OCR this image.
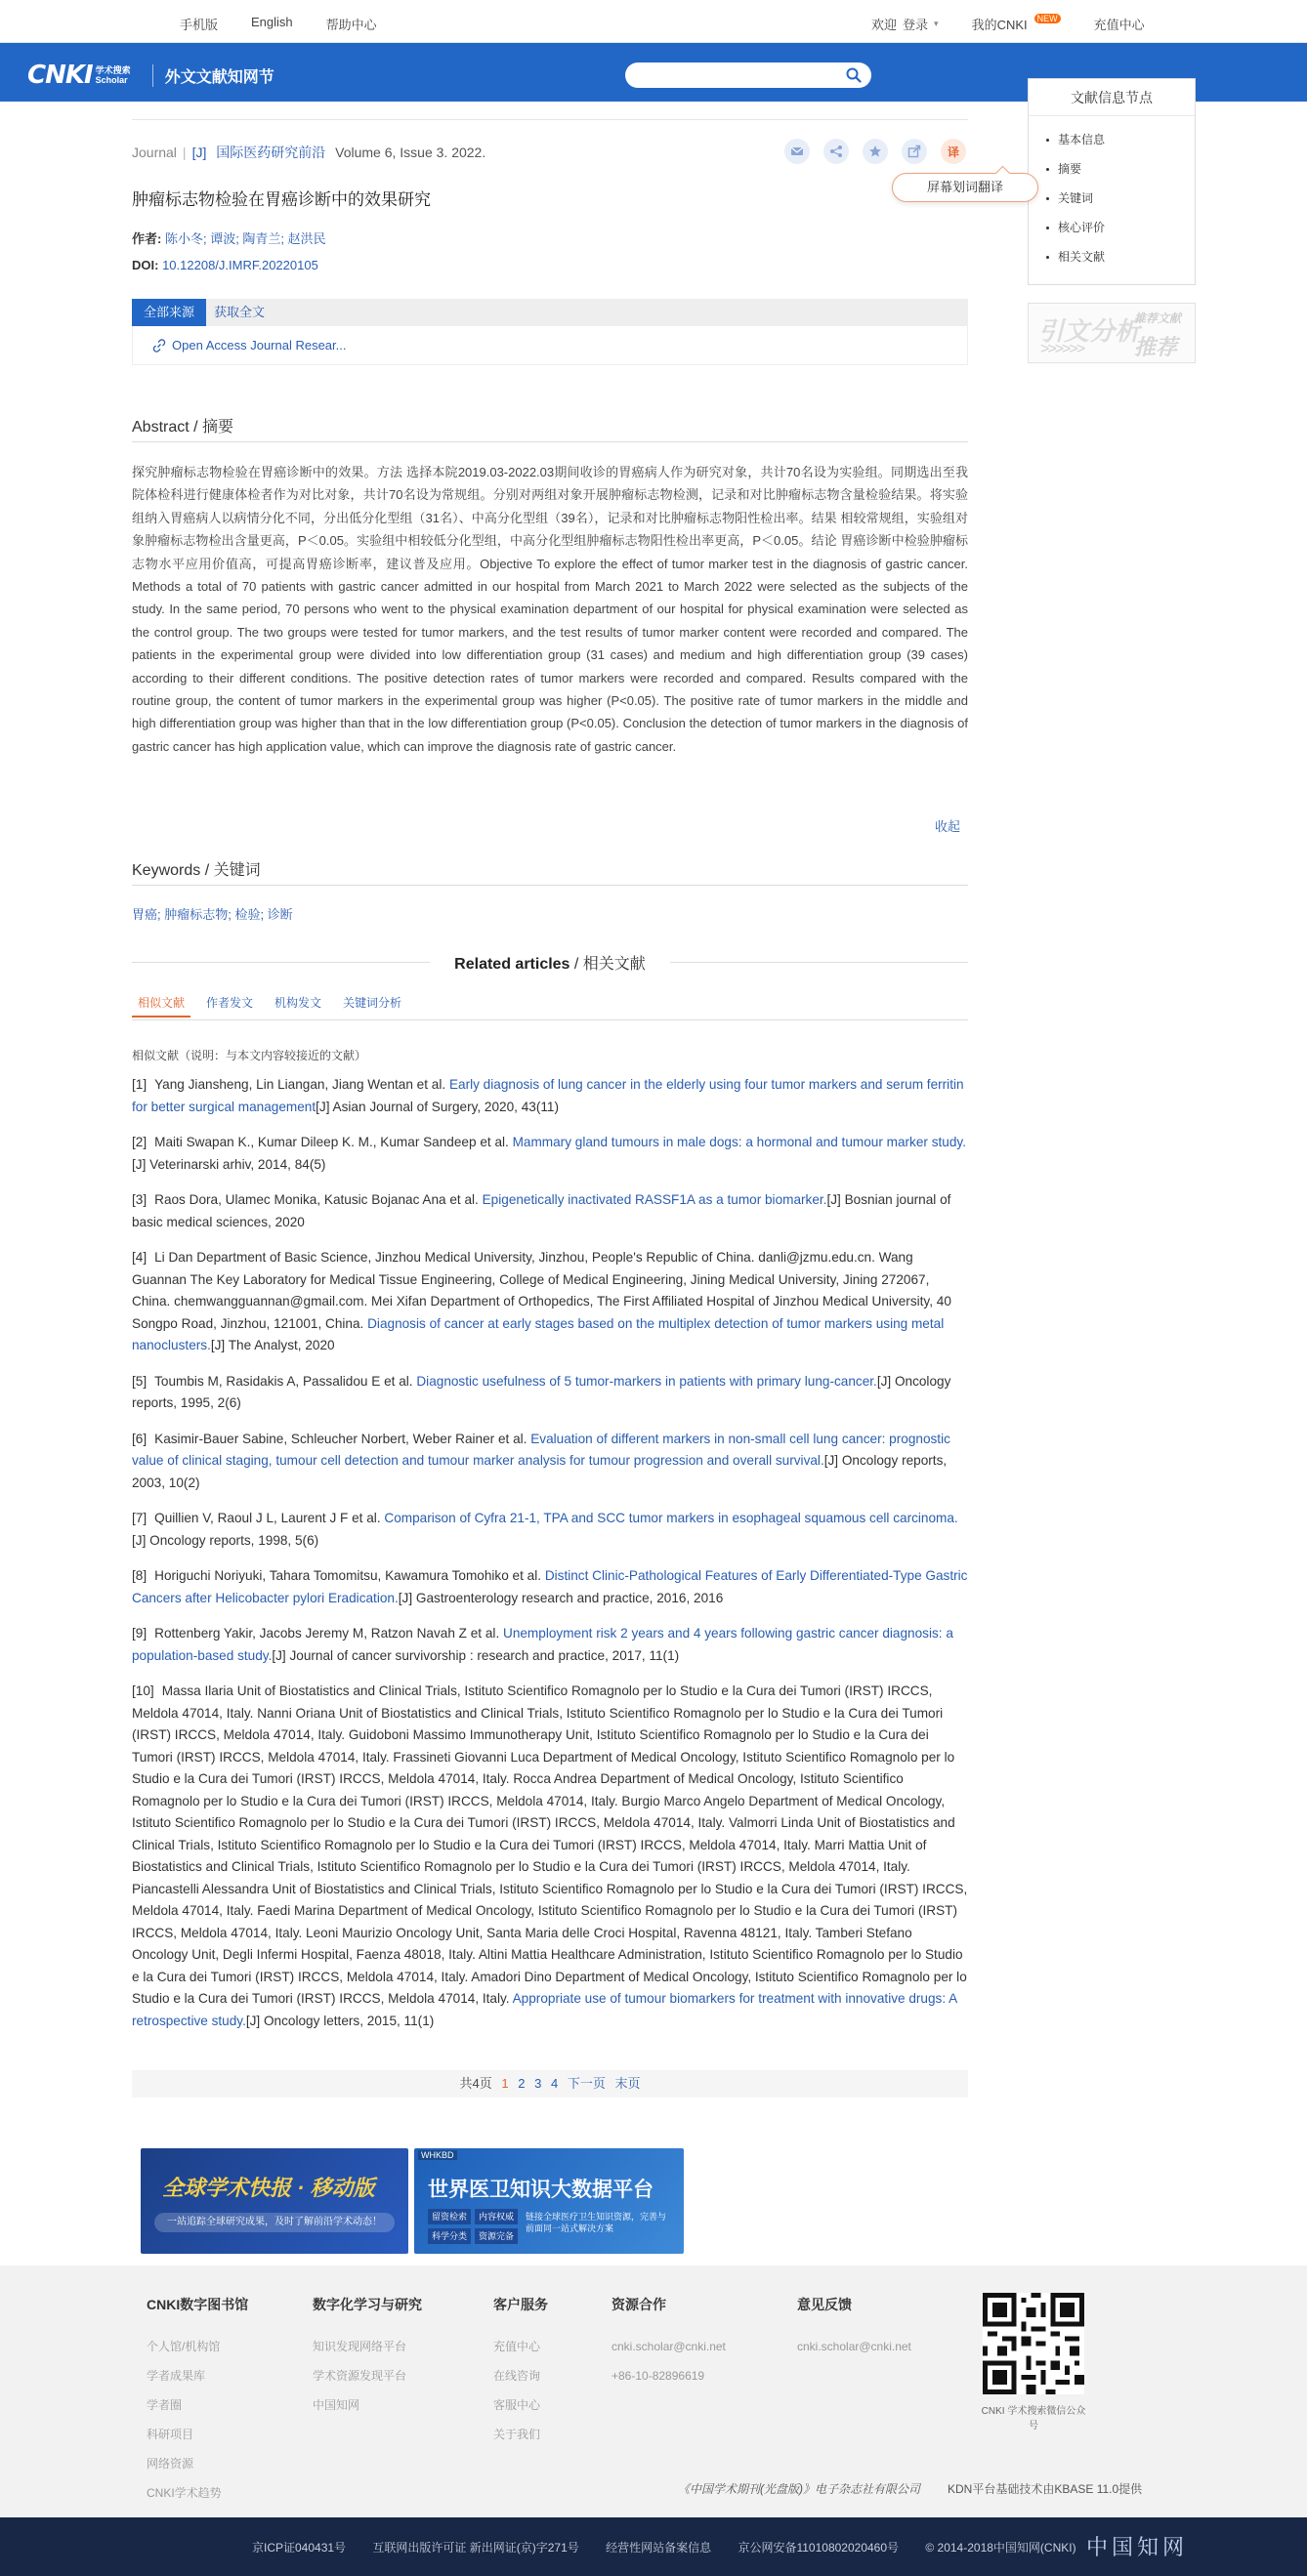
手机版	English	帮助中心	欢迎 登录 ▾	我的CNKI	NEW	充值中心
CNKI 学术搜索
Scholar	外文文献知网节
文献信息节点
基本信息
摘要
关键词
核心评价
相关文献
引文分析
推荐文献
推荐
>>>>>>
Journal | [J] 国际医药研究前沿 Volume 6, Issue 3. 2022.	译
屏幕划词翻译
肿瘤标志物检验在胃癌诊断中的效果研究
作者: 陈小冬; 谭波; 陶青兰; 赵洪民
DOI: 10.12208/J.IMRF.20220105
全部来源	获取全文
Open Access Journal Resear...
Abstract / 摘要
探究肿瘤标志物检验在胃癌诊断中的效果。方法 选择本院2019.03-2022.03期间收诊的胃癌病人作为研究对象，共计70名设为实验组。同期选出至我院体检科进行健康体检者作为对比对象，共计70名设为常规组。分别对两组对象开展肿瘤标志物检测，记录和对比肿瘤标志物含量检验结果。将实验组纳入胃癌病人以病情分化不同，分出低分化型组（31名）、中高分化型组（39名），记录和对比肿瘤标志物阳性检出率。结果 相较常规组，实验组对象肿瘤标志物检出含量更高，P＜0.05。实验组中相较低分化型组，中高分化型组肿瘤标志物阳性检出率更高，P＜0.05。结论 胃癌诊断中检验肿瘤标志物水平应用价值高，可提高胃癌诊断率，建议普及应用。Objective To explore the effect of tumor marker test in the diagnosis of gastric cancer. Methods a total of 70 patients with gastric cancer admitted in our hospital from March 2021 to March 2022 were selected as the subjects of the study. In the same period, 70 persons who went to the physical examination department of our hospital for physical examination were selected as the control group. The two groups were tested for tumor markers, and the test results of tumor marker content were recorded and compared. The patients in the experimental group were divided into low differentiation group (31 cases) and medium and high differentiation group (39 cases) according to their different conditions. The positive detection rates of tumor markers were recorded and compared. Results compared with the routine group, the content of tumor markers in the experimental group was higher (P<0.05). The positive rate of tumor markers in the middle and high differentiation group was higher than that in the low differentiation group (P<0.05). Conclusion the detection of tumor markers in the diagnosis of gastric cancer has high application value, which can improve the diagnosis rate of gastric cancer.
收起
Keywords / 关键词
胃癌; 肿瘤标志物; 检验; 诊断
Related articles / 相关文献
相似文献	作者发文	机构发文	关键词分析
相似文献（说明：与本文内容较接近的文献）
[1] Yang Jiansheng, Lin Liangan, Jiang Wentan et al. Early diagnosis of lung cancer in the elderly using four tumor markers and serum ferritin for better surgical management[J] Asian Journal of Surgery, 2020, 43(11)
[2] Maiti Swapan K., Kumar Dileep K. M., Kumar Sandeep et al. Mammary gland tumours in male dogs: a hormonal and tumour marker study.[J] Veterinarski arhiv, 2014, 84(5)
[3] Raos Dora, Ulamec Monika, Katusic Bojanac Ana et al. Epigenetically inactivated RASSF1A as a tumor biomarker.[J] Bosnian journal of basic medical sciences, 2020
[4] Li Dan Department of Basic Science, Jinzhou Medical University, Jinzhou, People's Republic of China. danli@jzmu.edu.cn. Wang Guannan The Key Laboratory for Medical Tissue Engineering, College of Medical Engineering, Jining Medical University, Jining 272067, China. chemwangguannan@gmail.com. Mei Xifan Department of Orthopedics, The First Affiliated Hospital of Jinzhou Medical University, 40 Songpo Road, Jinzhou, 121001, China. Diagnosis of cancer at early stages based on the multiplex detection of tumor markers using metal nanoclusters.[J] The Analyst, 2020
[5] Toumbis M, Rasidakis A, Passalidou E et al. Diagnostic usefulness of 5 tumor-markers in patients with primary lung-cancer.[J] Oncology reports, 1995, 2(6)
[6] Kasimir-Bauer Sabine, Schleucher Norbert, Weber Rainer et al. Evaluation of different markers in non-small cell lung cancer: prognostic value of clinical staging, tumour cell detection and tumour marker analysis for tumour progression and overall survival.[J] Oncology reports, 2003, 10(2)
[7] Quillien V, Raoul J L, Laurent J F et al. Comparison of Cyfra 21-1, TPA and SCC tumor markers in esophageal squamous cell carcinoma.[J] Oncology reports, 1998, 5(6)
[8] Horiguchi Noriyuki, Tahara Tomomitsu, Kawamura Tomohiko et al. Distinct Clinic-Pathological Features of Early Differentiated-Type Gastric Cancers after Helicobacter pylori Eradication.[J] Gastroenterology research and practice, 2016, 2016
[9] Rottenberg Yakir, Jacobs Jeremy M, Ratzon Navah Z et al. Unemployment risk 2 years and 4 years following gastric cancer diagnosis: a population-based study.[J] Journal of cancer survivorship : research and practice, 2017, 11(1)
[10] Massa Ilaria Unit of Biostatistics and Clinical Trials, Istituto Scientifico Romagnolo per lo Studio e la Cura dei Tumori (IRST) IRCCS, Meldola 47014, Italy. Nanni Oriana Unit of Biostatistics and Clinical Trials, Istituto Scientifico Romagnolo per lo Studio e la Cura dei Tumori (IRST) IRCCS, Meldola 47014, Italy. Guidoboni Massimo Immunotherapy Unit, Istituto Scientifico Romagnolo per lo Studio e la Cura dei Tumori (IRST) IRCCS, Meldola 47014, Italy. Frassineti Giovanni Luca Department of Medical Oncology, Istituto Scientifico Romagnolo per lo Studio e la Cura dei Tumori (IRST) IRCCS, Meldola 47014, Italy. Rocca Andrea Department of Medical Oncology, Istituto Scientifico Romagnolo per lo Studio e la Cura dei Tumori (IRST) IRCCS, Meldola 47014, Italy. Burgio Marco Angelo Department of Medical Oncology, Istituto Scientifico Romagnolo per lo Studio e la Cura dei Tumori (IRST) IRCCS, Meldola 47014, Italy. Valmorri Linda Unit of Biostatistics and Clinical Trials, Istituto Scientifico Romagnolo per lo Studio e la Cura dei Tumori (IRST) IRCCS, Meldola 47014, Italy. Marri Mattia Unit of Biostatistics and Clinical Trials, Istituto Scientifico Romagnolo per lo Studio e la Cura dei Tumori (IRST) IRCCS, Meldola 47014, Italy. Piancastelli Alessandra Unit of Biostatistics and Clinical Trials, Istituto Scientifico Romagnolo per lo Studio e la Cura dei Tumori (IRST) IRCCS, Meldola 47014, Italy. Faedi Marina Department of Medical Oncology, Istituto Scientifico Romagnolo per lo Studio e la Cura dei Tumori (IRST) IRCCS, Meldola 47014, Italy. Leoni Maurizio Oncology Unit, Santa Maria delle Croci Hospital, Ravenna 48121, Italy. Tamberi Stefano Oncology Unit, Degli Infermi Hospital, Faenza 48018, Italy. Altini Mattia Healthcare Administration, Istituto Scientifico Romagnolo per lo Studio e la Cura dei Tumori (IRST) IRCCS, Meldola 47014, Italy. Amadori Dino Department of Medical Oncology, Istituto Scientifico Romagnolo per lo Studio e la Cura dei Tumori (IRST) IRCCS, Meldola 47014, Italy. Appropriate use of tumour biomarkers for treatment with innovative drugs: A retrospective study.[J] Oncology letters, 2015, 11(1)
共4页 1 2 3 4 下一页 末页
全球学术快报 · 移动版
一站追踪全球研究成果，及时了解前沿学术动态！
WHKBD
世界医卫知识大数据平台
留资检索	内容权威
科学分类	资源完备
链接全球医疗卫生知识资源，完善与前面同一站式解决方案
CNKI数字图书馆

个人馆/机构馆

学者成果库

学者圈

科研项目

网络资源

CNKI学术趋势

数字化学习与研究

知识发现网络平台

学术资源发现平台

中国知网

客户服务

充值中心

在线咨询

客服中心

关于我们

资源合作

cnki.scholar@cnki.net

+86-10-82896619

意见反馈

cnki.scholar@cnki.net

CNKI 学术搜索微信公众号
《中国学术期刊(光盘版)》电子杂志社有限公司 KDN平台基础技术由KBASE 11.0提供
京ICP证040431号 互联网出版许可证 新出网证(京)字271号 经营性网站备案信息 京公网安备11010802020460号 © 2014-2018中国知网(CNKI) 中国知网
